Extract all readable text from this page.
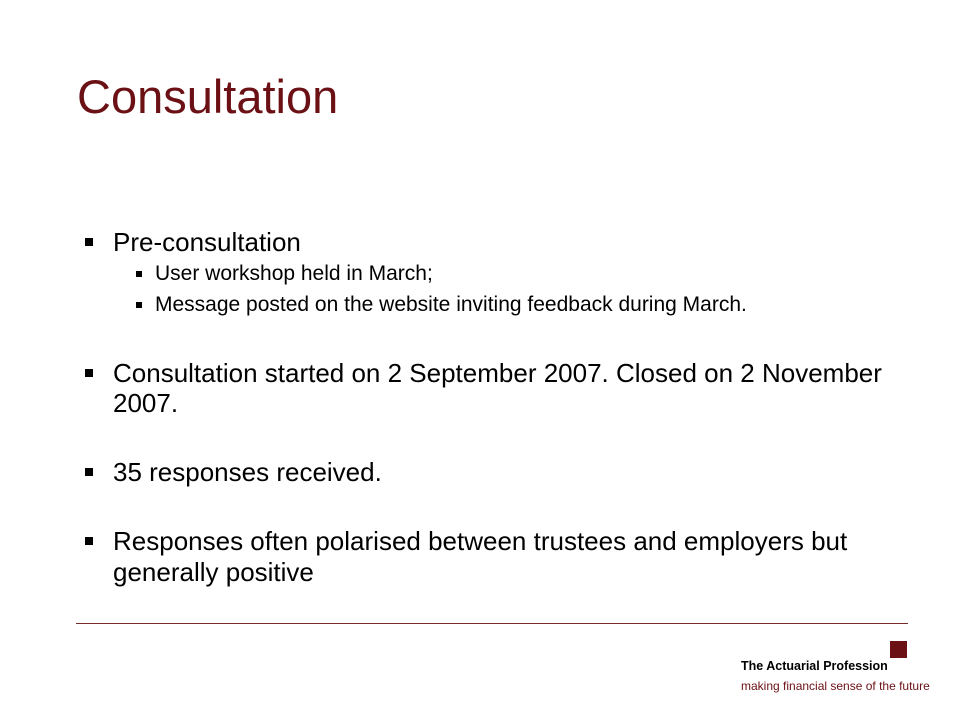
Consultation
Pre-consultation
User workshop held in March;
Message posted on the website inviting feedback during March.
Consultation started on 2 September 2007. Closed on 2 November 2007.
35 responses received.
Responses often polarised between trustees and employers but generally positive
The Actuarial Profession
making financial sense of the future
